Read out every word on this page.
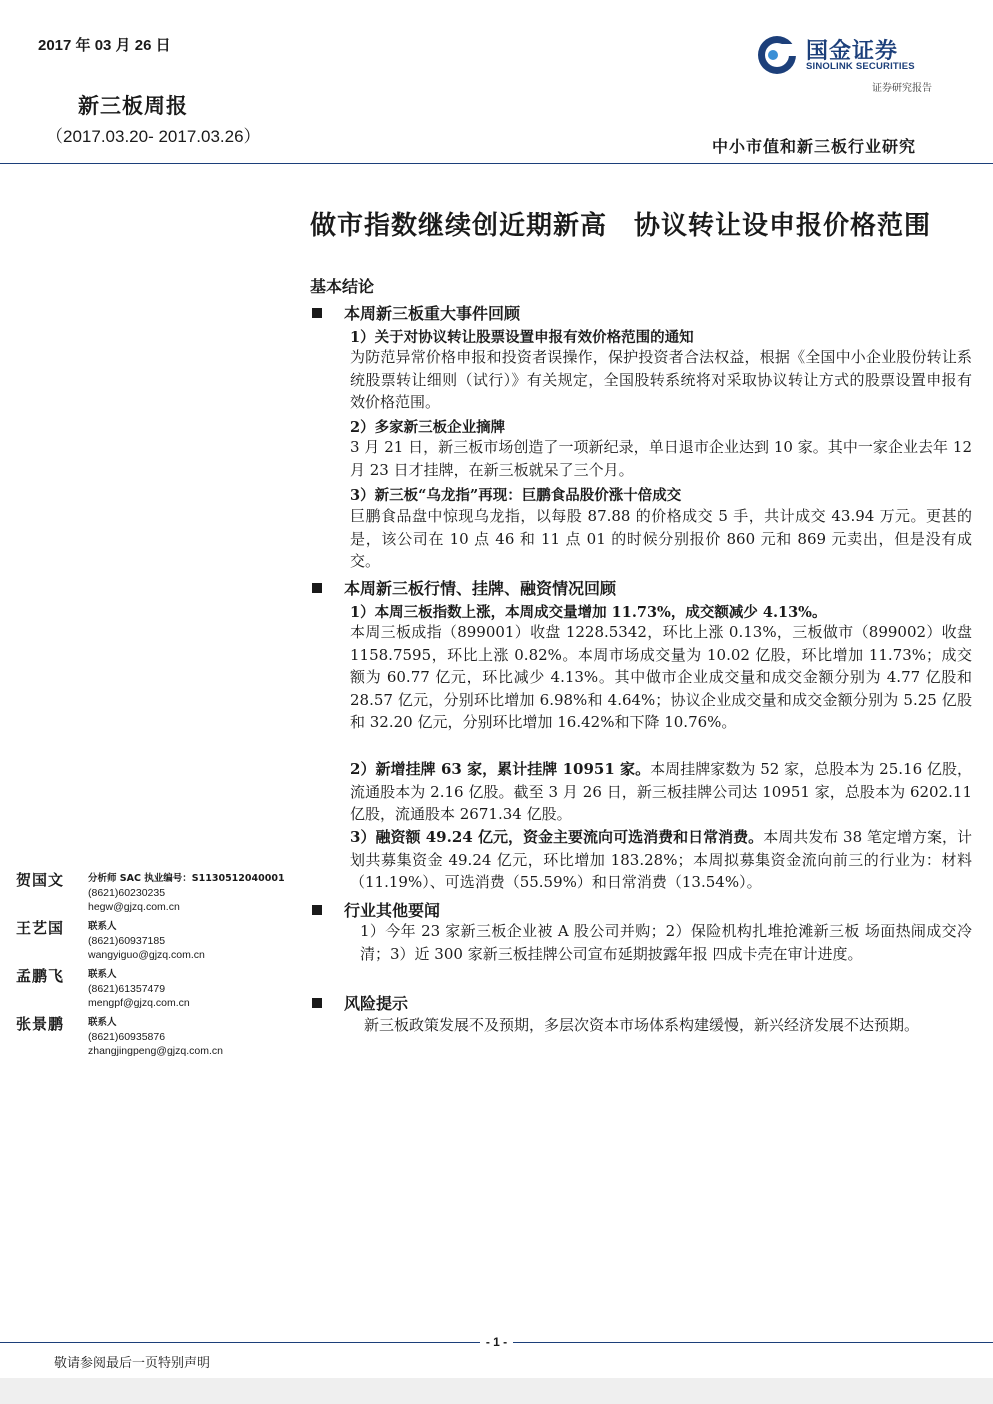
2017 年 03 月 26 日
新三板周报
（2017.03.20- 2017.03.26）
国金证券
SINOLINK SECURITIES
证券研究报告
中小市值和新三板行业研究
做市指数继续创近期新高　协议转让设申报价格范围
基本结论
本周新三板重大事件回顾
1）关于对协议转让股票设置申报有效价格范围的通知
为防范异常价格申报和投资者误操作，保护投资者合法权益，根据《全国中小企业股份转让系统股票转让细则（试行）》有关规定，全国股转系统将对采取协议转让方式的股票设置申报有效价格范围。
2）多家新三板企业摘牌
3 月 21 日，新三板市场创造了一项新纪录，单日退市企业达到 10 家。其中一家企业去年 12 月 23 日才挂牌，在新三板就呆了三个月。
3）新三板“乌龙指”再现：巨鹏食品股价涨十倍成交
巨鹏食品盘中惊现乌龙指，以每股 87.88 的价格成交 5 手，共计成交 43.94 万元。更甚的是，该公司在 10 点 46 和 11 点 01 的时候分别报价 860 元和 869 元卖出，但是没有成交。
本周新三板行情、挂牌、融资情况回顾
1）本周三板指数上涨，本周成交量增加 11.73%，成交额减少 4.13%。
本周三板成指（899001）收盘 1228.5342，环比上涨 0.13%，三板做市（899002）收盘 1158.7595，环比上涨 0.82%。本周市场成交量为 10.02 亿股，环比增加 11.73%；成交额为 60.77 亿元，环比减少 4.13%。其中做市企业成交量和成交金额分别为 4.77 亿股和 28.57 亿元，分别环比增加 6.98%和 4.64%；协议企业成交量和成交金额分别为 5.25 亿股和 32.20 亿元，分别环比增加 16.42%和下降 10.76%。
2）新增挂牌 63 家，累计挂牌 10951 家。本周挂牌家数为 52 家，总股本为 25.16 亿股，流通股本为 2.16 亿股。截至 3 月 26 日，新三板挂牌公司达 10951 家，总股本为 6202.11 亿股，流通股本 2671.34 亿股。
3）融资额 49.24 亿元，资金主要流向可选消费和日常消费。本周共发布 38 笔定增方案，计划共募集资金 49.24 亿元，环比增加 183.28%；本周拟募集资金流向前三的行业为：材料（11.19%）、可选消费（55.59%）和日常消费（13.54%）。
行业其他要闻
1）今年 23 家新三板企业被 A 股公司并购；2）保险机构扎堆抢滩新三板 场面热闹成交冷清；3）近 300 家新三板挂牌公司宣布延期披露年报 四成卡壳在审计进度。
风险提示
新三板政策发展不及预期，多层次资本市场体系构建缓慢，新兴经济发展不达预期。
贺国文	分析师 SAC 执业编号：S1130512040001
(8621)60230235
hegw@gjzq.com.cn
王艺国	联系人
(8621)60937185
wangyiguo@gjzq.com.cn
孟鹏飞	联系人
(8621)61357479
mengpf@gjzq.com.cn
张景鹏	联系人
(8621)60935876
zhangjingpeng@gjzq.com.cn
- 1 -
敬请参阅最后一页特别声明
